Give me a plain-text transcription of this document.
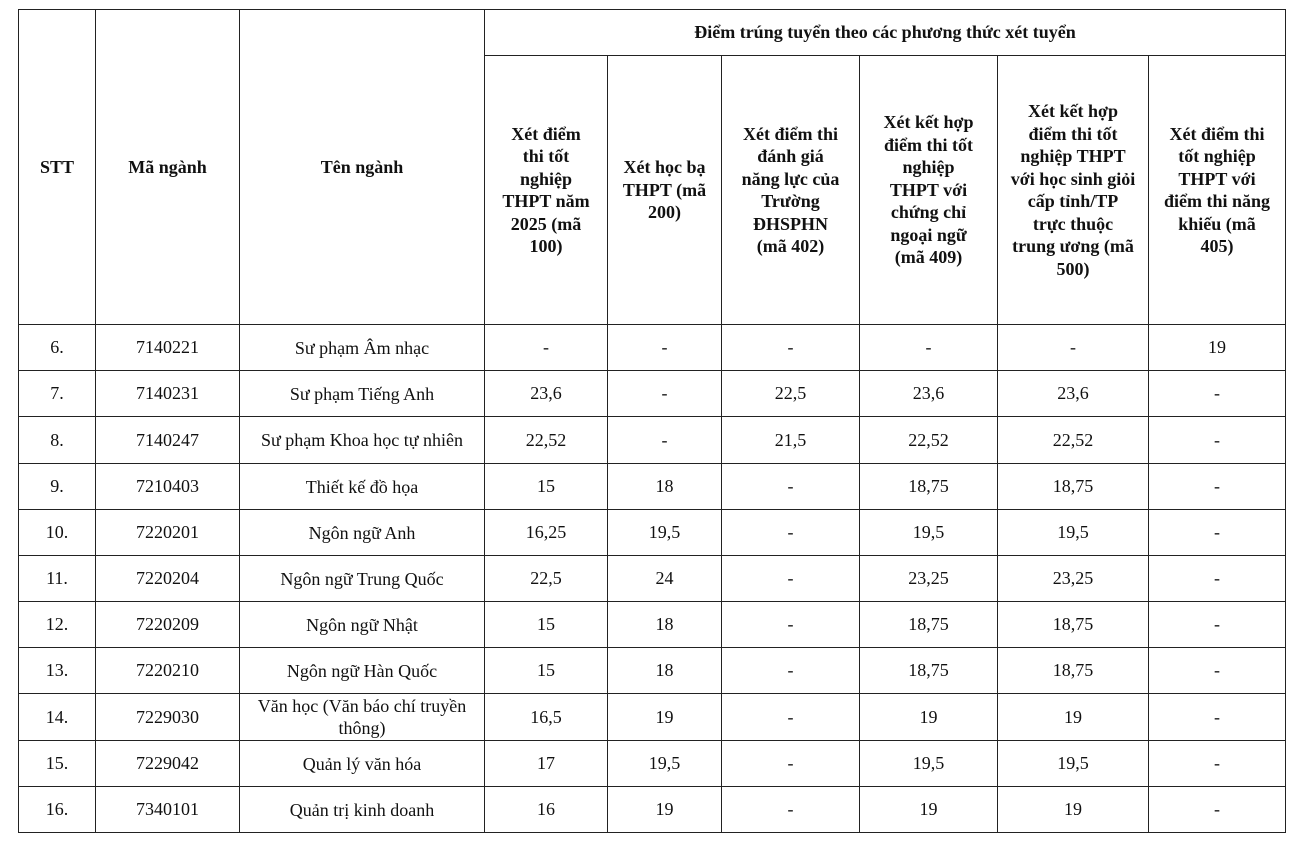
STT	Mã ngành	Tên ngành	Điểm trúng tuyển theo các phương thức xét tuyển					
			Xét điểm thi tốt nghiệp THPT năm 2025 (mã 100)	Xét học bạ THPT (mã 200)	Xét điểm thi đánh giá năng lực của Trường ĐHSPHN (mã 402)	Xét kết hợp điểm thi tốt nghiệp THPT với chứng chỉ ngoại ngữ (mã 409)	Xét kết hợp điểm thi tốt nghiệp THPT với học sinh giỏi cấp tỉnh/TP trực thuộc trung ương (mã 500)	Xét điểm thi tốt nghiệp THPT với điểm thi năng khiếu (mã 405)
6.	7140221	Sư phạm Âm nhạc	-	-	-	-	-	19
7.	7140231	Sư phạm Tiếng Anh	23,6	-	22,5	23,6	23,6	-
8.	7140247	Sư phạm Khoa học tự nhiên	22,52	-	21,5	22,52	22,52	-
9.	7210403	Thiết kế đồ họa	15	18	-	18,75	18,75	-
10.	7220201	Ngôn ngữ Anh	16,25	19,5	-	19,5	19,5	-
11.	7220204	Ngôn ngữ Trung Quốc	22,5	24	-	23,25	23,25	-
12.	7220209	Ngôn ngữ Nhật	15	18	-	18,75	18,75	-
13.	7220210	Ngôn ngữ Hàn Quốc	15	18	-	18,75	18,75	-
14.	7229030	Văn học (Văn báo chí truyền thông)	16,5	19	-	19	19	-
15.	7229042	Quản lý văn hóa	17	19,5	-	19,5	19,5	-
16.	7340101	Quản trị kinh doanh	16	19	-	19	19	-
